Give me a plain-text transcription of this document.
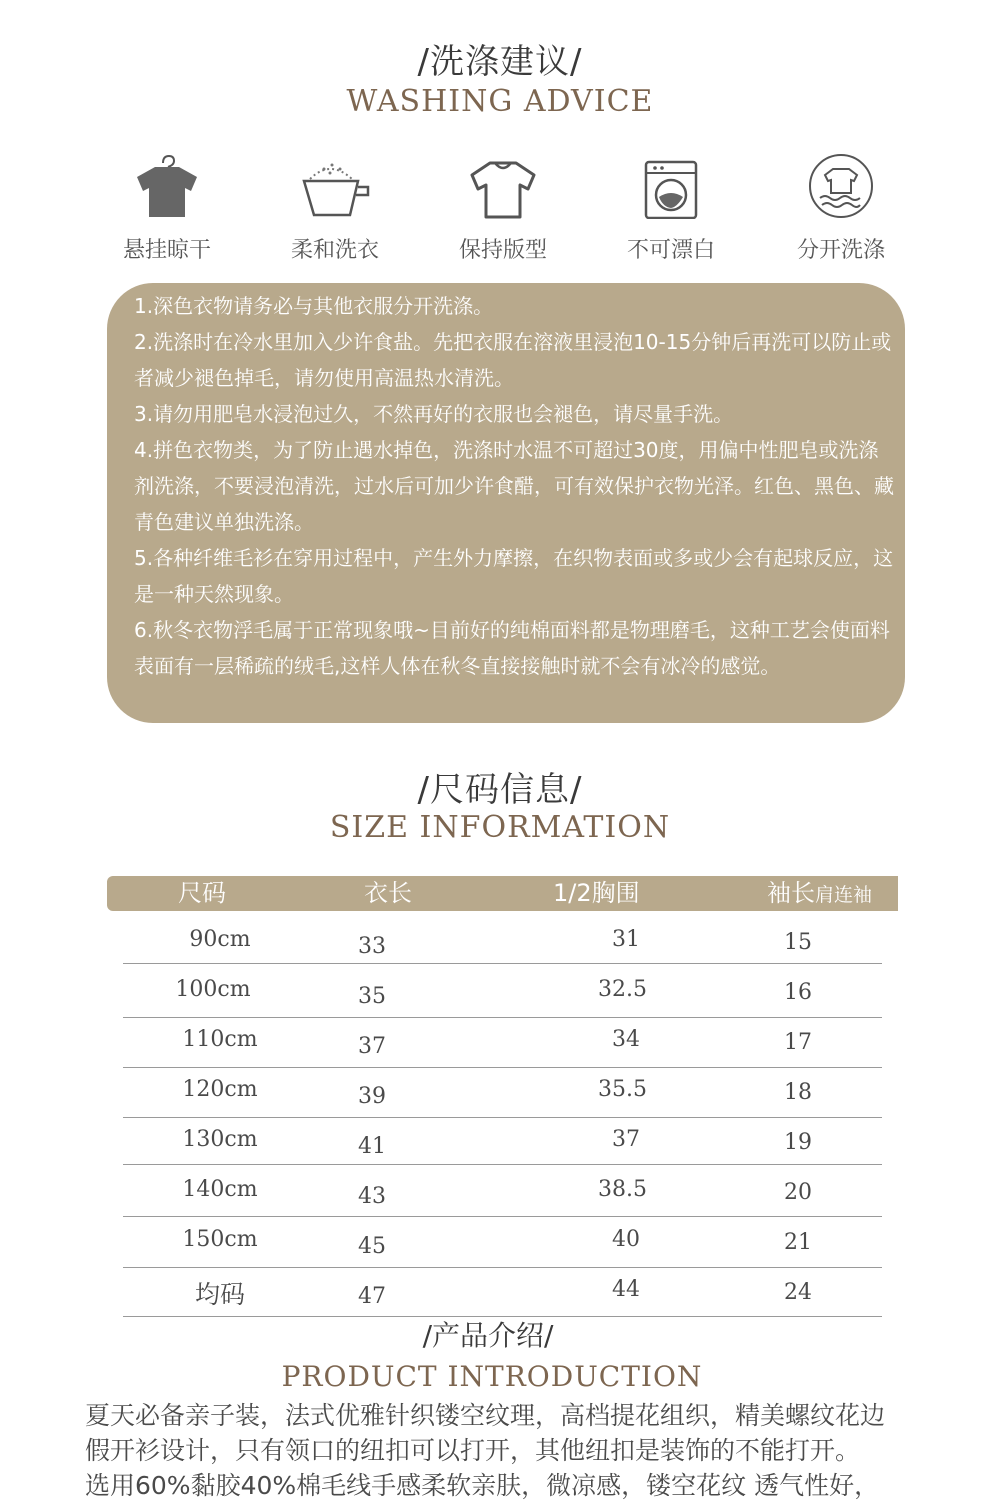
/洗涤建议/
WASHING ADVICE
悬挂晾干	柔和洗衣	保持版型	不可漂白	分开洗涤

1.深色衣物请务必与其他衣服分开洗涤。

2.洗涤时在冷水里加入少许食盐。先把衣服在溶液里浸泡10-15分钟后再洗可以防止或者减少褪色掉毛，请勿使用高温热水清洗。

3.请勿用肥皂水浸泡过久，不然再好的衣服也会褪色，请尽量手洗。

4.拼色衣物类，为了防止遇水掉色，洗涤时水温不可超过30度，用偏中性肥皂或洗涤剂洗涤，不要浸泡清洗，过水后可加少许食醋，可有效保护衣物光泽。红色、黑色、藏青色建议单独洗涤。

5.各种纤维毛衫在穿用过程中，产生外力摩擦，在织物表面或多或少会有起球反应，这是一种天然现象。

6.秋冬衣物浮毛属于正常现象哦~目前好的纯棉面料都是物理磨毛，这种工艺会使面料表面有一层稀疏的绒毛,这样人体在秋冬直接接触时就不会有冰冷的感觉。

/尺码信息/
SIZE INFORMATION
尺码	衣长	1/2胸围	袖长肩连袖
90cm	33	31	15
100cm	35	32.5	16
110cm	37	34	17
120cm	39	35.5	18
130cm	41	37	19
140cm	43	38.5	20
150cm	45	40	21
均码	47	44	24
/产品介绍/
PRODUCT INTRODUCTION
夏天必备亲子装，法式优雅针织镂空纹理，高档提花组织，精美螺纹花边
假开衫设计，只有领口的纽扣可以打开，其他纽扣是装饰的不能打开。
选用60%黏胶40%棉毛线手感柔软亲肤，微凉感，镂空花纹 透气性好，
